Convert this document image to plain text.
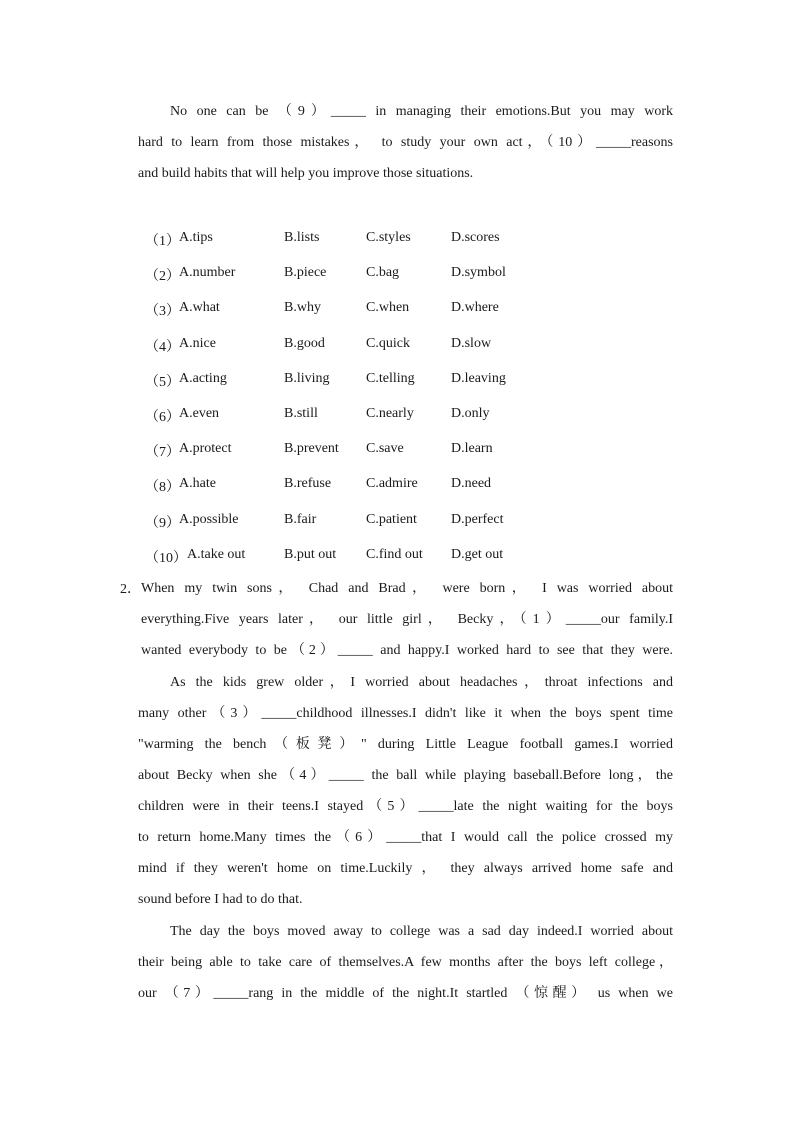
No one can be （9）_____ in managing their emotions.But you may work
hard to learn from those mistakes， to study your own act，（10）_____reasons
and build habits that will help you improve those situations.
（1） A.tips	B.lists	C.styles	D.scores
（2） A.number	B.piece	C.bag	D.symbol
（3） A.what	B.why	C.when	D.where
（4） A.nice	B.good	C.quick	D.slow
（5） A.acting	B.living	C.telling	D.leaving
（6） A.even	B.still	C.nearly	D.only
（7） A.protect	B.prevent C.save	D.learn
（8） A.hate	B.refuse C.admire D.need
（9） A.possible	B.fair	C.patient D.perfect
（10） A.take out	B.put out C.find out D.get out
2． When my twin sons， Chad and Brad， were born， I was worried about
everything.Five years later， our little girl， Becky，（1）_____our family.I
wanted everybody to be（2）_____ and happy.I worked hard to see that they were.
As the kids grew older，I worried about headaches，throat infections and
many other（3）_____childhood illnesses.I didn't like it when the boys spent time
"warming the bench（板凳）" during Little League football games.I worried
about Becky when she（4）_____ the ball while playing baseball.Before long，the
children were in their teens.I stayed（5）_____late the night waiting for the boys
to return home.Many times the（6）_____that I would call the police crossed my
mind if they weren't home on time.Luckily ， they always arrived home safe and
sound before I had to do that.
The day the boys moved away to college was a sad day indeed.I worried about
their being able to take care of themselves.A few months after the boys left college，
our （7）_____rang in the middle of the night.It startled （惊醒） us when we
